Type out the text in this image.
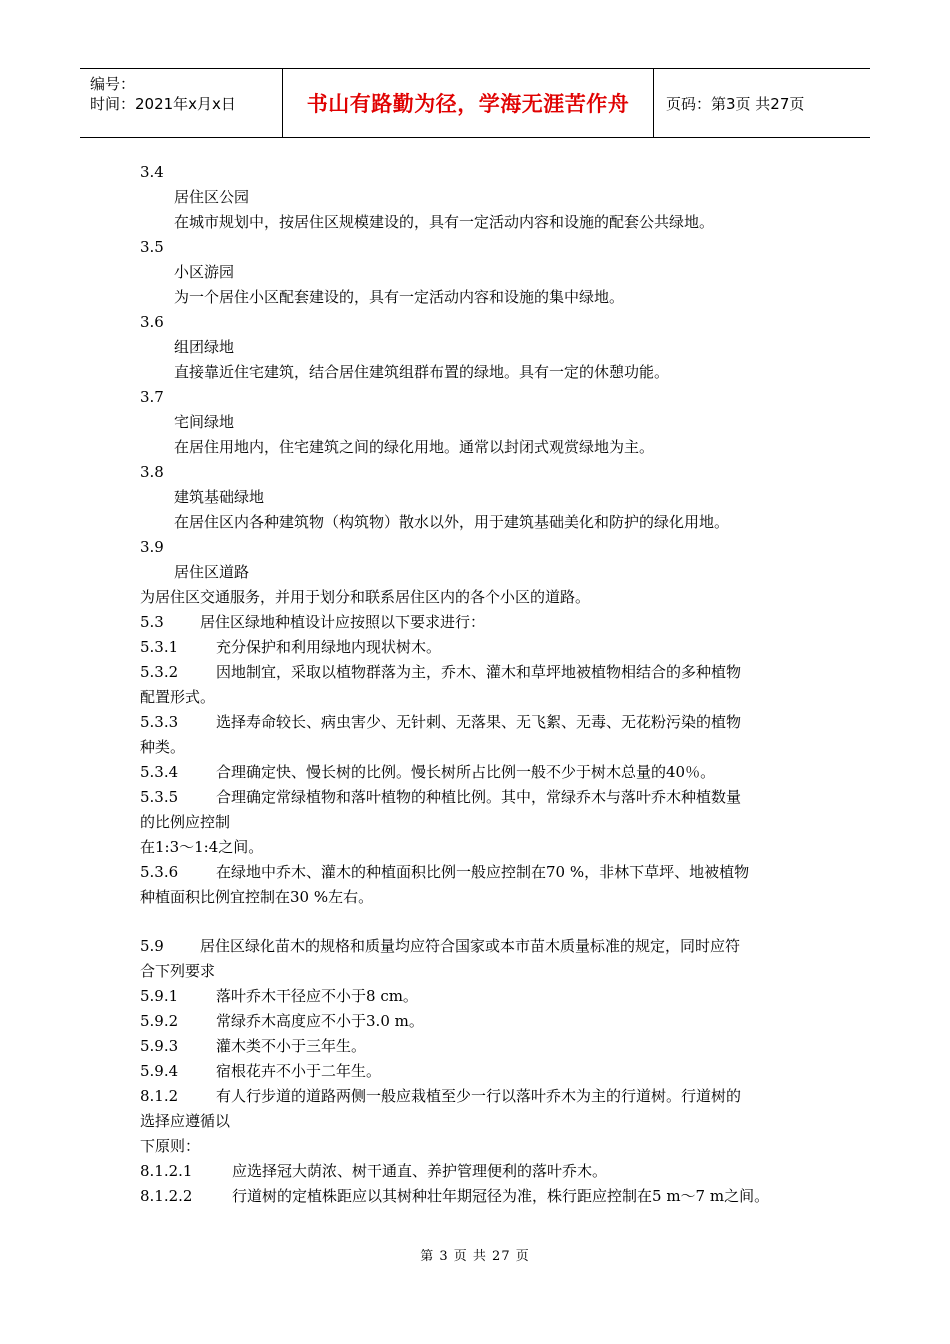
编号：
时间：2021年x月x日	书山有路勤为径，学海无涯苦作舟	页码：第3页 共27页
3.4
居住区公园
在城市规划中，按居住区规模建设的，具有一定活动内容和设施的配套公共绿地。
3.5
小区游园
为一个居住小区配套建设的，具有一定活动内容和设施的集中绿地。
3.6
组团绿地
直接靠近住宅建筑，结合居住建筑组群布置的绿地。具有一定的休憩功能。
3.7
宅间绿地
在居住用地内，住宅建筑之间的绿化用地。通常以封闭式观赏绿地为主。
3.8
建筑基础绿地
在居住区内各种建筑物（构筑物）散水以外，用于建筑基础美化和防护的绿化用地。
3.9
居住区道路
为居住区交通服务，并用于划分和联系居住区内的各个小区的道路。
5.3 居住区绿地种植设计应按照以下要求进行：
5.3.1	充分保护和利用绿地内现状树木。
5.3.2	因地制宜，采取以植物群落为主，乔木、灌木和草坪地被植物相结合的多种植物
配置形式。
5.3.3	选择寿命较长、病虫害少、无针刺、无落果、无飞絮、无毒、无花粉污染的植物
种类。
5.3.4	合理确定快、慢长树的比例。慢长树所占比例一般不少于树木总量的40％。
5.3.5	合理确定常绿植物和落叶植物的种植比例。其中，常绿乔木与落叶乔木种植数量
的比例应控制
在1:3～1:4之间。
5.3.6	在绿地中乔木、灌木的种植面积比例一般应控制在70 %，非林下草坪、地被植物
种植面积比例宜控制在30 %左右。
5.9 居住区绿化苗木的规格和质量均应符合国家或本市苗木质量标准的规定，同时应符
合下列要求
5.9.1	落叶乔木干径应不小于8 cm。
5.9.2	常绿乔木高度应不小于3.0 m。
5.9.3	灌木类不小于三年生。
5.9.4	宿根花卉不小于二年生。
8.1.2	有人行步道的道路两侧一般应栽植至少一行以落叶乔木为主的行道树。行道树的
选择应遵循以
下原则：
8.1.2.1	应选择冠大荫浓、树干通直、养护管理便利的落叶乔木。
8.1.2.2	行道树的定植株距应以其树种壮年期冠径为准，株行距应控制在5 m～7 m之间。
第 3 页 共 27 页
